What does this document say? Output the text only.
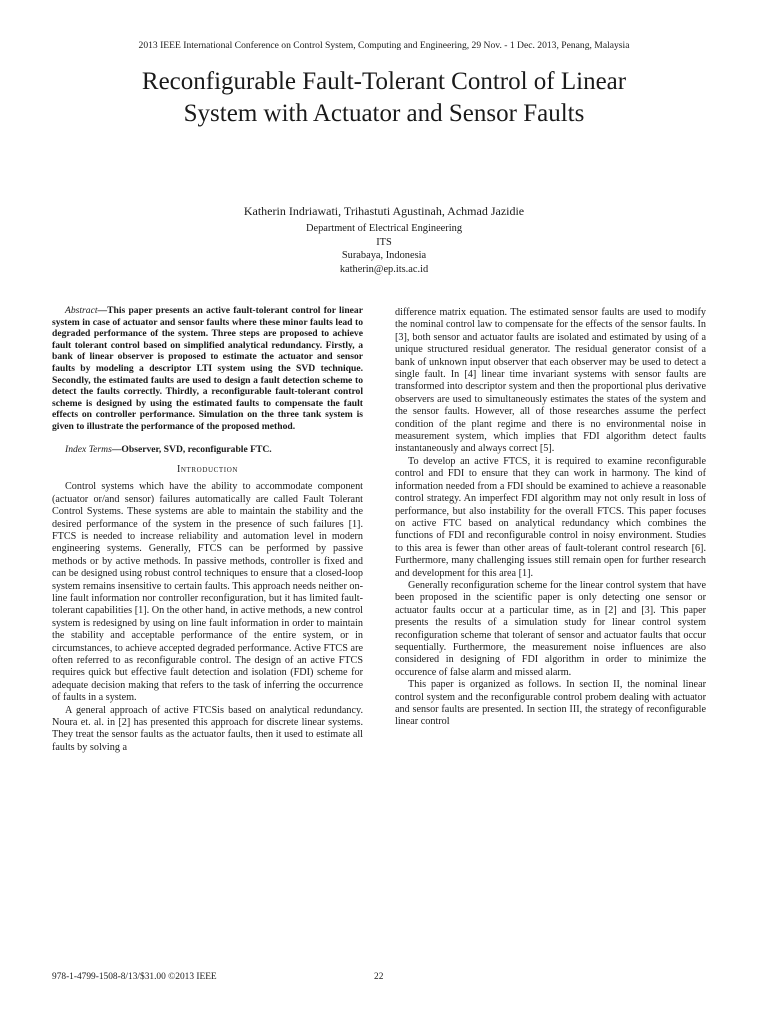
2013 IEEE International Conference on Control System, Computing and Engineering, 29 Nov. - 1 Dec. 2013, Penang, Malaysia
Reconfigurable Fault-Tolerant Control of Linear
System with Actuator and Sensor Faults
Katherin Indriawati, Trihastuti Agustinah, Achmad Jazidie
Department of Electrical Engineering
ITS
Surabaya, Indonesia
katherin@ep.its.ac.id

Abstract—This paper presents an active fault-tolerant control for linear system in case of actuator and sensor faults where these minor faults lead to degraded performance of the system. Three steps are proposed to achieve fault tolerant control based on simplified analytical redundancy. Firstly, a bank of linear observer is proposed to estimate the actuator and sensor faults by modeling a descriptor LTI system using the SVD technique. Secondly, the estimated faults are used to design a fault detection scheme to detect the faults correctly. Thirdly, a reconfigurable fault-tolerant control scheme is designed by using the estimated faults to compensate the fault effects on controller performance. Simulation on the three tank system is given to illustrate the performance of the proposed method.

Index Terms—Observer, SVD, reconfigurable FTC.

Introduction

Control systems which have the ability to accommodate component (actuator or/and sensor) failures automatically are called Fault Tolerant Control Systems. These systems are able to maintain the stability and the desired performance of the system in the presence of such failures [1]. FTCS is needed to increase reliability and automation level in modern engineering systems. Generally, FTCS can be performed by passive methods or by active methods. In passive methods, controller is fixed and can be designed using robust control techniques to ensure that a closed-loop system remains insensitive to certain faults. This approach needs neither on-line fault information nor controller reconfiguration, but it has limited fault-tolerant capabilities [1]. On the other hand, in active methods, a new control system is redesigned by using on line fault information in order to maintain the stability and acceptable performance of the entire system, or in circumstances, to achieve accepted degraded performance. Active FTCS are often referred to as reconfigurable control. The design of an active FTCS requires quick but effective fault detection and isolation (FDI) scheme for adequate decision making that refers to the task of inferring the occurrence of faults in a system.

A general approach of active FTCSis based on analytical redundancy. Noura et. al. in [2] has presented this approach for discrete linear systems. They treat the sensor faults as the actuator faults, then it used to estimate all faults by solving a

difference matrix equation. The estimated sensor faults are used to modify the nominal control law to compensate for the effects of the sensor faults. In [3], both sensor and actuator faults are isolated and estimated by using of a unique structured residual generator. The residual generator consist of a bank of unknown input observer that each observer may be used to detect a single fault. In [4] linear time invariant systems with sensor faults are transformed into descriptor system and then the proportional plus derivative observers are used to simultaneously estimates the states of the system and the sensor faults. However, all of those researches assume the perfect condition of the plant regime and there is no environmental noise in measurement system, which implies that FDI algorithm detect faults instantaneously and always correct [5].

To develop an active FTCS, it is required to examine reconfigurable control and FDI to ensure that they can work in harmony. The kind of information needed from a FDI should be examined to achieve a reasonable control strategy. An imperfect FDI algorithm may not only result in loss of performance, but also instability for the overall FTCS. This paper focuses on active FTC based on analytical redundancy which combines the functions of FDI and reconfigurable control in noisy environment. Studies to this area is fewer than other areas of fault-tolerant control research [6]. Furthermore, many challenging issues still remain open for further research and development for this area [1].

Generally reconfiguration scheme for the linear control system that have been proposed in the scientific paper is only detecting one sensor or actuator faults occur at a particular time, as in [2] and [3]. This paper presents the results of a simulation study for linear control system reconfiguration scheme that tolerant of sensor and actuator faults that occur sequentially. Furthermore, the measurement noise influences are also considered in designing of FDI algorithm in order to minimize the occurence of false alarm and missed alarm.

This paper is organized as follows. In section II, the nominal linear control system and the reconfigurable control probem dealing with actuator and sensor faults are presented. In section III, the strategy of reconfigurable linear control

978-1-4799-1508-8/13/$31.00 ©2013 IEEE	22
